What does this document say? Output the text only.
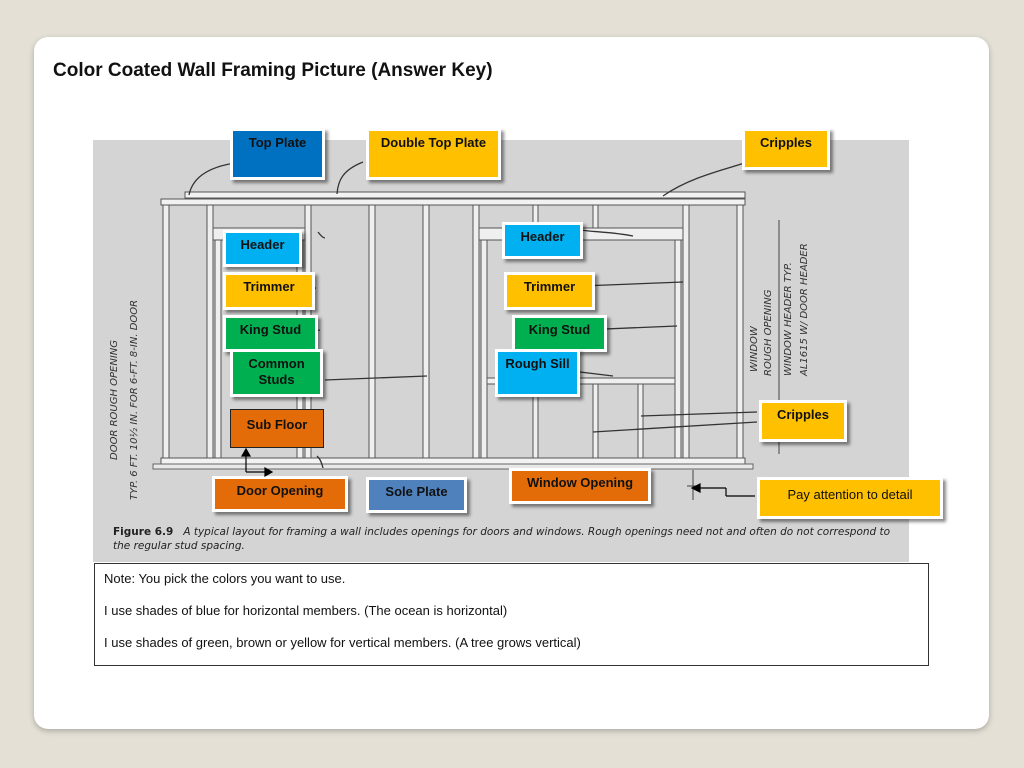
Color Coated Wall Framing Picture (Answer Key)
DOOR ROUGH OPENING TYP. 6 FT. 10½ IN. FOR 6-FT. 8-IN. DOOR	WINDOW ROUGH OPENING WINDOW HEADER TYP. AL1615 W/ DOOR HEADER
Figure 6.9 A typical layout for framing a wall includes openings for doors and windows. Rough openings need not and often do not correspond to the regular stud spacing.
Top Plate	Double Top Plate	Cripples
Header
Header
Trimmer	Trimmer
King Stud	King Stud
Common Studs
Rough Sill
Sub Floor
Cripples
Door Opening	Sole Plate
Window Opening
Pay attention to detail

Note: You pick the colors you want to use.

I use shades of blue for horizontal members. (The ocean is horizontal)

I use shades of green, brown or yellow for vertical members. (A tree grows vertical)
